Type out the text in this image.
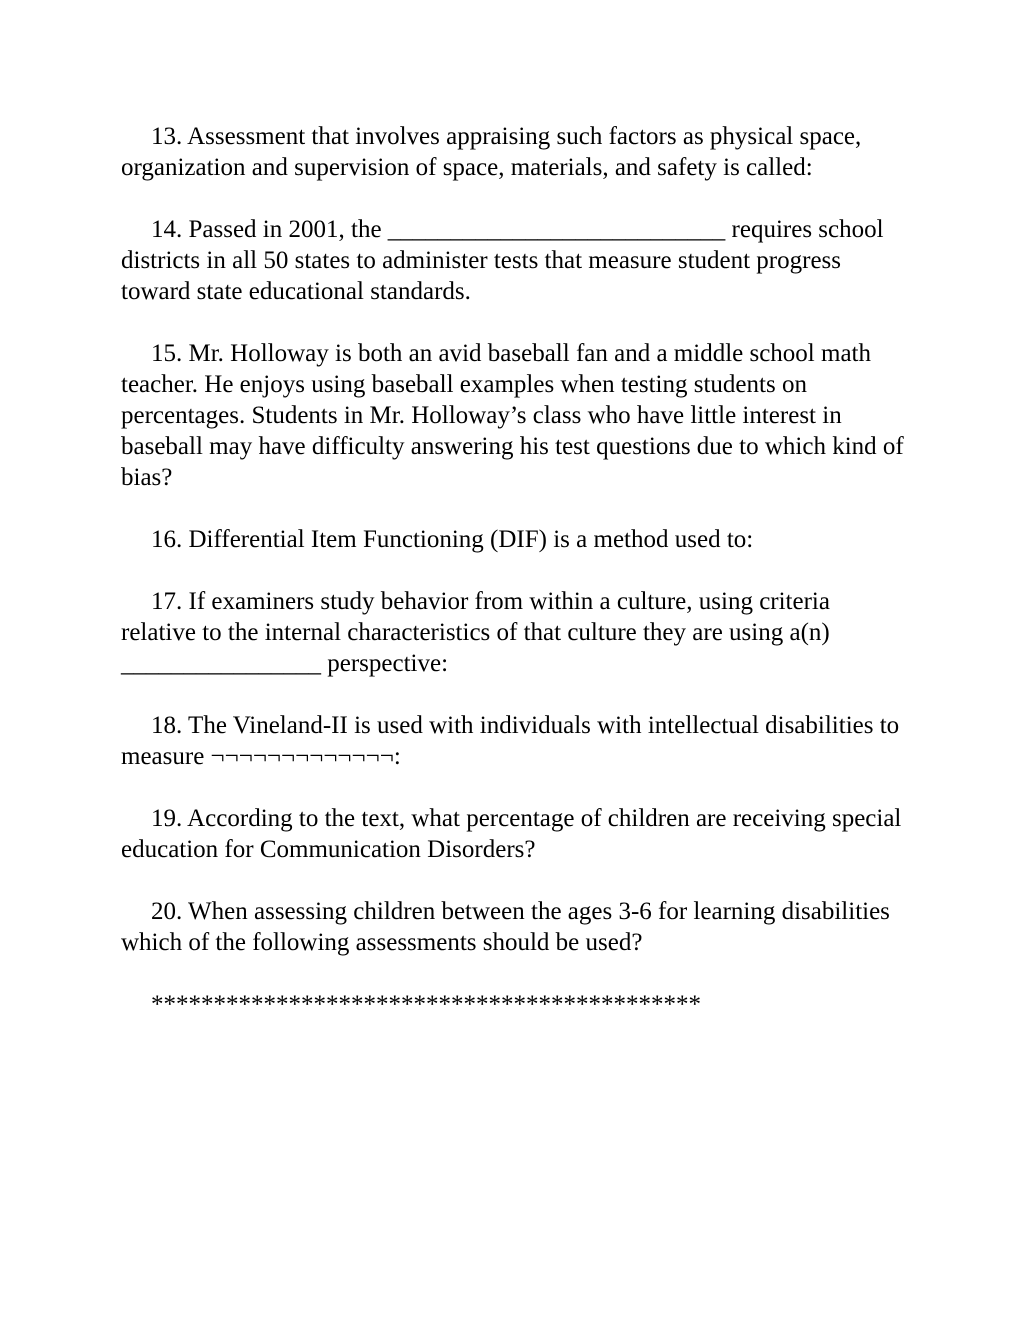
13. Assessment that involves appraising such factors as physical space, organization and supervision of space, materials, and safety is called:

14. Passed in 2001, the ___________________________ requires school districts in all 50 states to administer tests that measure student progress toward state educational standards.

15. Mr. Holloway is both an avid baseball fan and a middle school math teacher. He enjoys using baseball examples when testing students on percentages. Students in Mr. Holloway’s class who have little interest in baseball may have difficulty answering his test questions due to which kind of bias?

16. Differential Item Functioning (DIF) is a method used to:

17. If examiners study behavior from within a culture, using criteria relative to the internal characteristics of that culture they are using a(n) ________________ perspective:

18. The Vineland-II is used with individuals with intellectual disabilities to measure ¬¬¬¬¬¬¬¬¬¬¬¬¬:

19. According to the text, what percentage of children are receiving special education for Communication Disorders?

20. When assessing children between the ages 3-6 for learning disabilities which of the following assessments should be used?

********************************************
